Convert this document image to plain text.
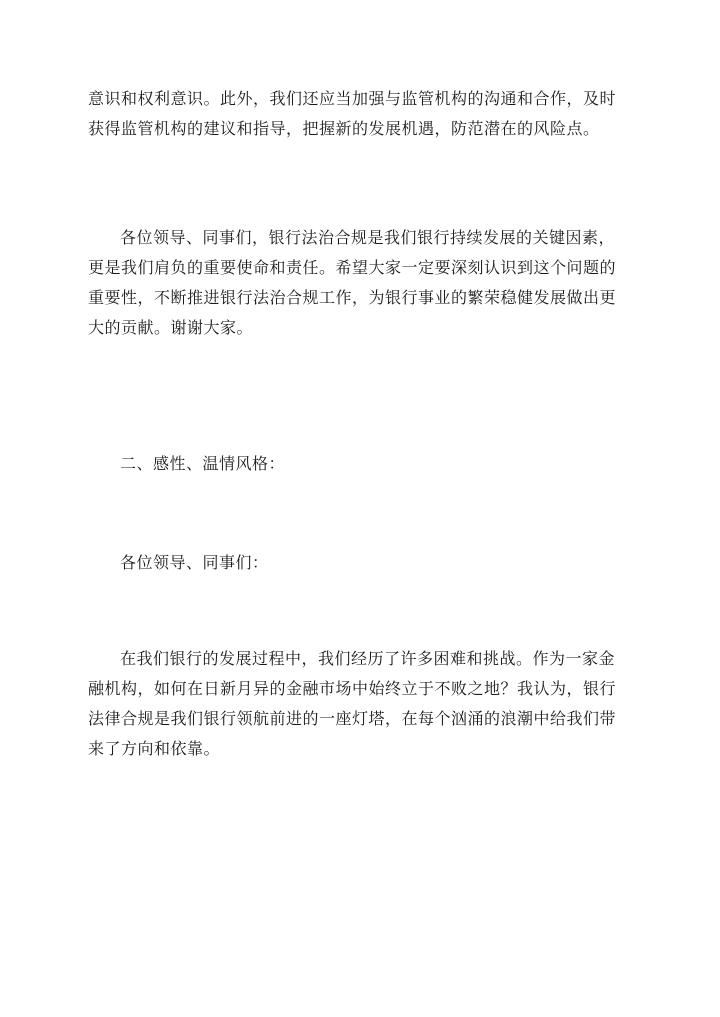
意识和权利意识。此外，我们还应当加强与监管机构的沟通和合作，及时
获得监管机构的建议和指导，把握新的发展机遇，防范潜在的风险点。

各位领导、同事们，银行法治合规是我们银行持续发展的关键因素，
更是我们肩负的重要使命和责任。希望大家一定要深刻认识到这个问题的
重要性，不断推进银行法治合规工作，为银行事业的繁荣稳健发展做出更
大的贡献。谢谢大家。

二、感性、温情风格：

各位领导、同事们：

在我们银行的发展过程中，我们经历了许多困难和挑战。作为一家金
融机构，如何在日新月异的金融市场中始终立于不败之地？我认为，银行
法律合规是我们银行领航前进的一座灯塔，在每个汹涌的浪潮中给我们带
来了方向和依靠。
